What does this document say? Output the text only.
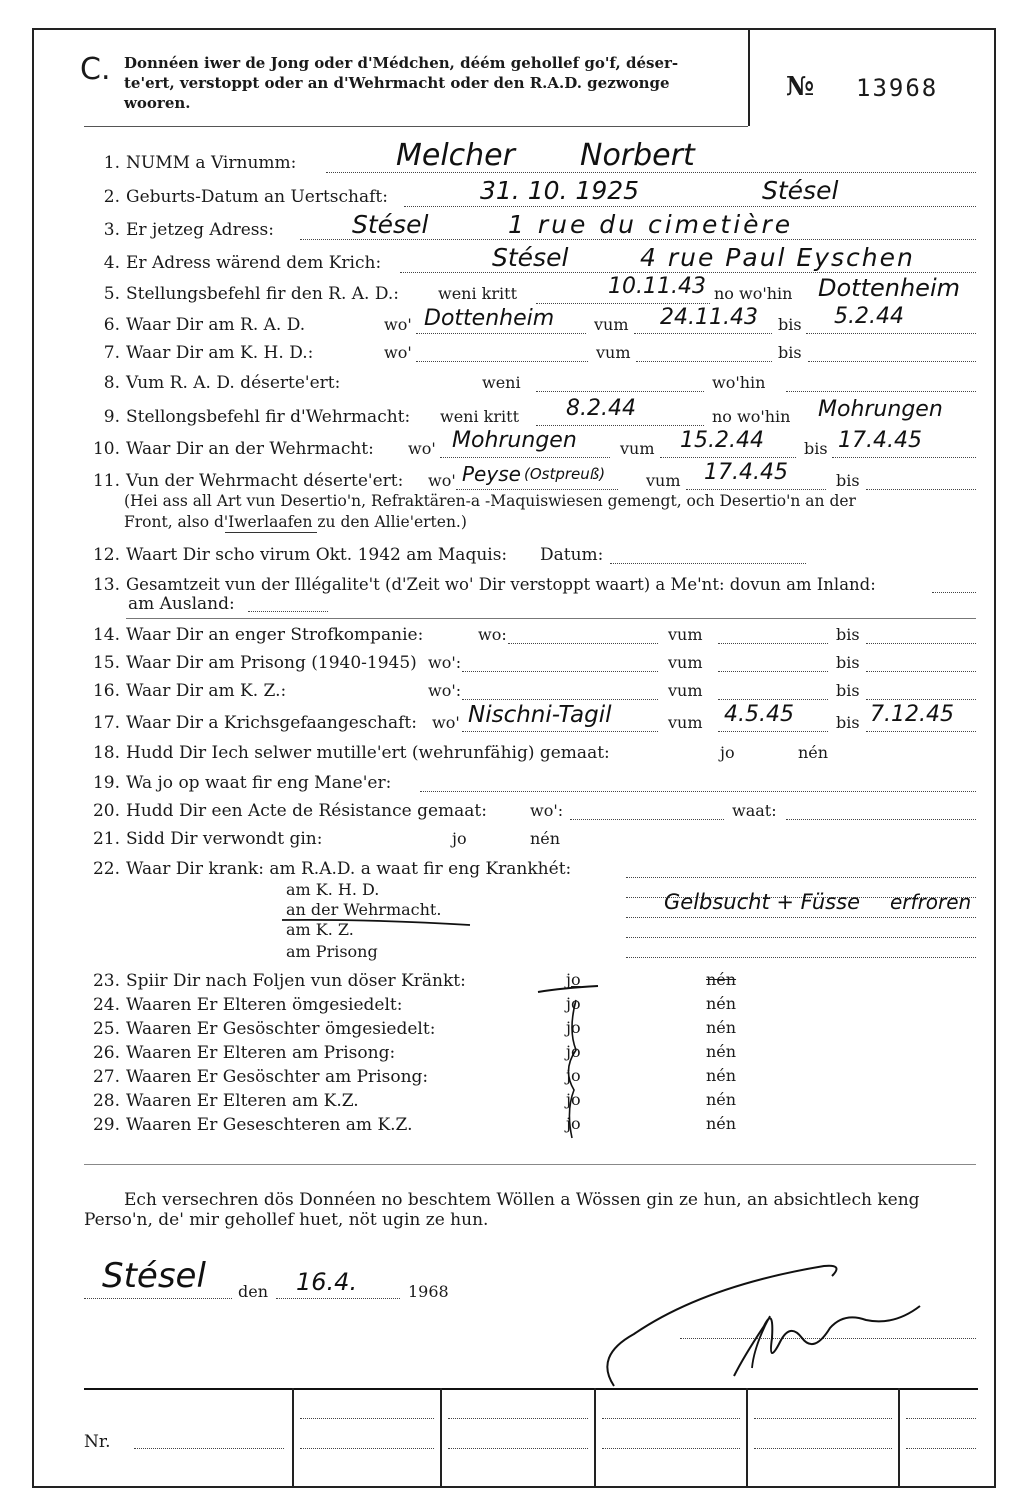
C. Donnéen iwer de Jong oder d'Médchen, déém gehollef go'f, déser-
te'ert, verstoppt oder an d'Wehrmacht oder den R.A.D. gezwonge
wooren.
№ 13968
1. NUMM a Virnumm:	Melcher Norbert
2. Geburts-Datum an Uertschaft:	31. 10. 1925	Stésel
3. Er jetzeg Adress:	Stésel	1 rue du cimetière
4. Er Adress wärend dem Krich:	Stésel	4 rue Paul Eyschen
5. Stellungsbefehl fir den R. A. D.: weni kritt	10.11.43 no wo'hin Dottenheim
6. Waar Dir am R. A. D.	wo' Dottenheim vum 24.11.43 bis 5.2.44
7. Waar Dir am K. H. D.:	wo'	vum	bis
8. Vum R. A. D. déserte'ert:	weni	wo'hin
9. Stellongsbefehl fir d'Wehrmacht: weni kritt 8.2.44	no wo'hin Mohrungen
10. Waar Dir an der Wehrmacht: wo' Mohrungen	vum 15.2.44	bis 17.4.45
11. Vun der Wehrmacht déserte'ert: wo' Peyse (Ostpreuß)	vum 17.4.45	bis
(Hei ass all Art vun Desertio'n, Refraktären-a -Maquiswiesen gemengt, och Desertio'n an der
Front, also d'Iwerlaafen zu den Allie'erten.)
12. Waart Dir scho virum Okt. 1942 am Maquis: Datum:
13. Gesamtzeit vun der Illégalite't (d'Zeit wo' Dir verstoppt waart) a Me'nt: dovun am Inland:
am Ausland:
14. Waar Dir an enger Strofkompanie:	wo:	vum	bis
15. Waar Dir am Prisong (1940-1945) wo':	vum	bis
16. Waar Dir am K. Z.:	wo':	vum	bis
17. Waar Dir a Krichsgefaangeschaft: wo' Nischni-Tagil	vum 4.5.45	bis 7.12.45
18. Hudd Dir Iech selwer mutille'ert (wehrunfähig) gemaat:	jo	nén
19. Wa jo op waat fir eng Mane'er:
20. Hudd Dir een Acte de Résistance gemaat:	wo':	waat:
21. Sidd Dir verwondt gin:	jo	nén
22. Waar Dir krank: am R.A.D. a waat fir eng Krankhét:
am K. H. D.
an der Wehrmacht.	Gelbsucht + Füsse erfroren
am K. Z.
am Prisong
23. Spiir Dir nach Foljen vun döser Kränkt:	jo	nén
24. Waaren Er Elteren ömgesiedelt:	jo	nén
25. Waaren Er Gesöschter ömgesiedelt:	jo	nén
26. Waaren Er Elteren am Prisong:	jo	nén
27. Waaren Er Gesöschter am Prisong:	jo	nén
28. Waaren Er Elteren am K.Z.	jo	nén
29. Waaren Er Geseschteren am K.Z.	jo	nén
Ech versechren dös Donnéen no beschtem Wöllen a Wössen gin ze hun, an absichtlech keng
Perso'n, de' mir gehollef huet, nöt ugin ze hun.
Stésel den 16.4.	1968
Nr.
